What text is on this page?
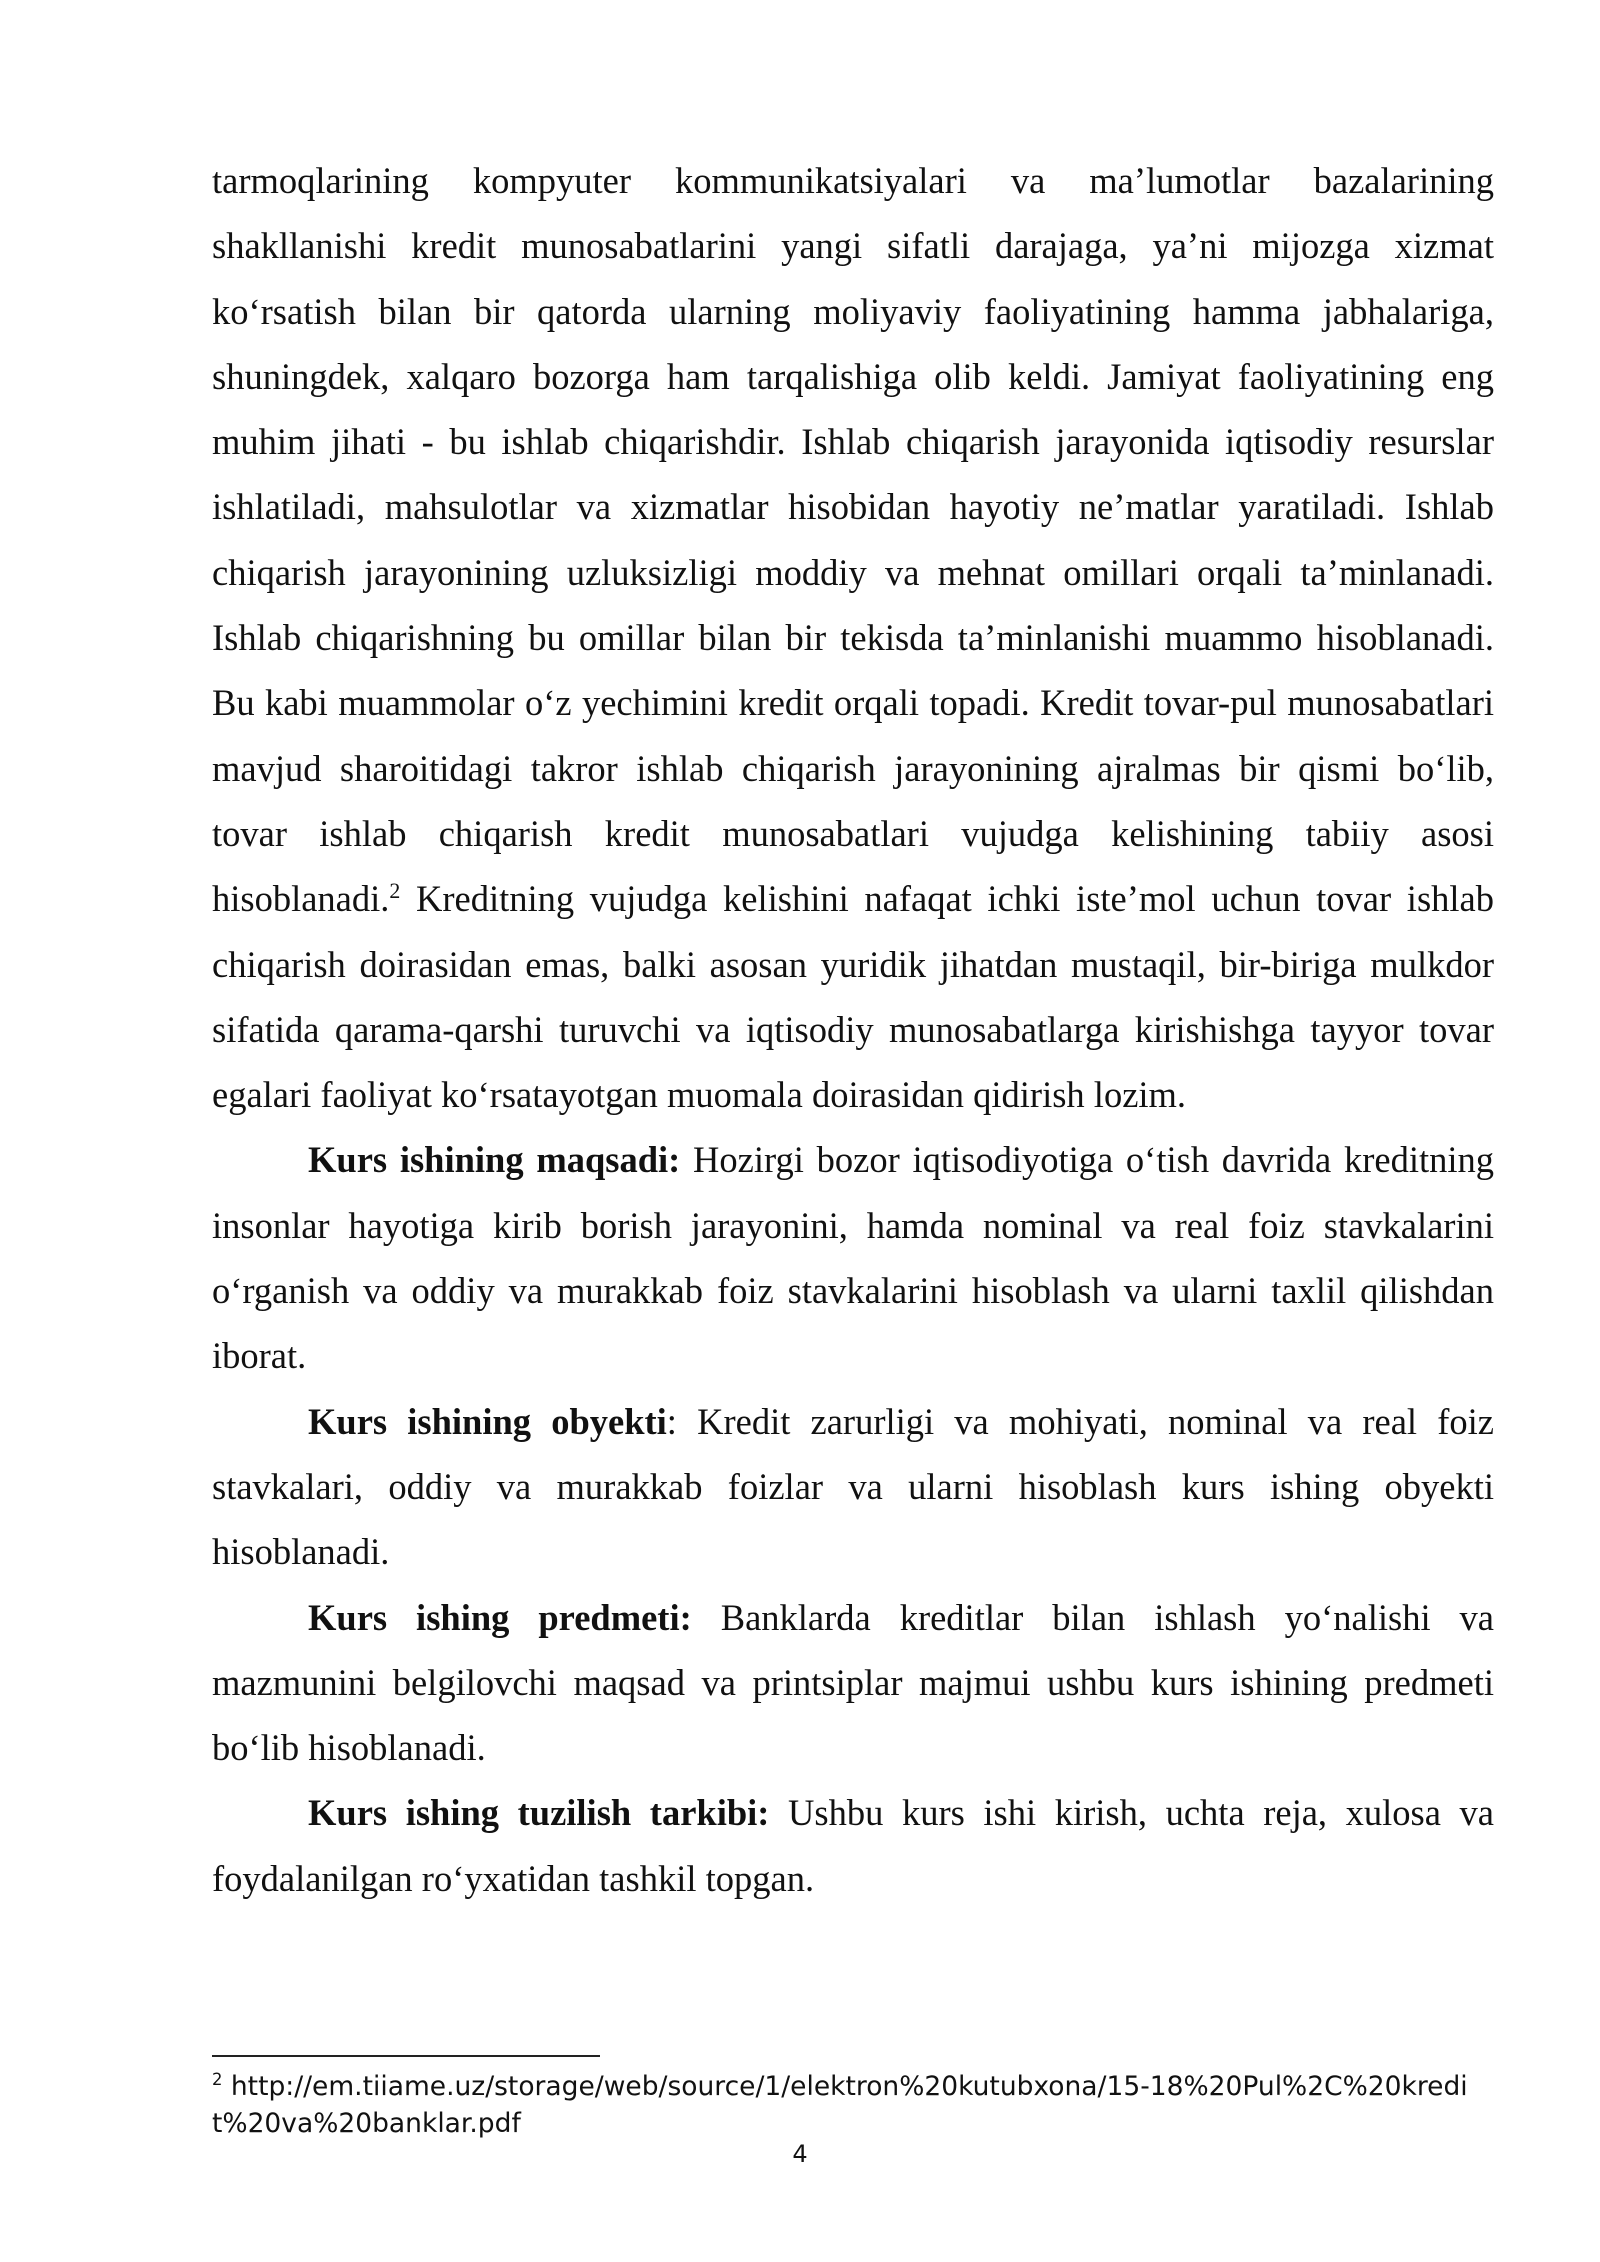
tarmoqlarining kompyuter kommunikatsiyalari va ma’lumotlar bazalarining shakllanishi kredit munosabatlarini yangi sifatli darajaga, ya’ni mijozga xizmat ko‘rsatish bilan bir qatorda ularning moliyaviy faoliyatining hamma jabhalariga, shuningdek, xalqaro bozorga ham tarqalishiga olib keldi. Jamiyat faoliyatining eng muhim jihati - bu ishlab chiqarishdir. Ishlab chiqarish jarayonida iqtisodiy resurslar ishlatiladi, mahsulotlar va xizmatlar hisobidan hayotiy ne’matlar yaratiladi. Ishlab chiqarish jarayonining uzluksizligi moddiy va mehnat omillari orqali ta’minlanadi. Ishlab chiqarishning bu omillar bilan bir tekisda ta’minlanishi muammo hisoblanadi. Bu kabi muammolar o‘z yechimini kredit orqali topadi. Kredit tovar-pul munosabatlari mavjud sharoitidagi takror ishlab chiqarish jarayonining ajralmas bir qismi bo‘lib, tovar ishlab chiqarish kredit munosabatlari vujudga kelishining tabiiy asosi hisoblanadi.$^2$ Kreditning vujudga kelishini nafaqat ichki iste’mol uchun tovar ishlab chiqarish doirasidan emas, balki asosan yuridik jihatdan mustaqil, bir-biriga mulkdor sifatida qarama-qarshi turuvchi va iqtisodiy munosabatlarga kirishishga tayyor tovar egalari faoliyat ko‘rsatayotgan muomala doirasidan qidirish lozim.

Kurs ishining maqsadi: Hozirgi bozor iqtisodiyotiga o‘tish davrida kreditning insonlar hayotiga kirib borish jarayonini, hamda nominal va real foiz stavkalarini o‘rganish va oddiy va murakkab foiz stavkalarini hisoblash va ularni taxlil qilishdan iborat.

Kurs ishining obyekti: Kredit zarurligi va mohiyati, nominal va real foiz stavkalari, oddiy va murakkab foizlar va ularni hisoblash kurs ishing obyekti hisoblanadi.

Kurs ishing predmeti: Banklarda kreditlar bilan ishlash yo‘nalishi va mazmunini belgilovchi maqsad va printsiplar majmui ushbu kurs ishining predmeti bo‘lib hisoblanadi.

Kurs ishing tuzilish tarkibi: Ushbu kurs ishi kirish, uchta reja, xulosa va foydalanilgan ro‘yxatidan tashkil topgan.

$^2$ http://em.tiiame.uz/storage/web/source/1/elektron%20kutubxona/15-18%20Pul%2C%20kredit%20va%20banklar.pdf
4
